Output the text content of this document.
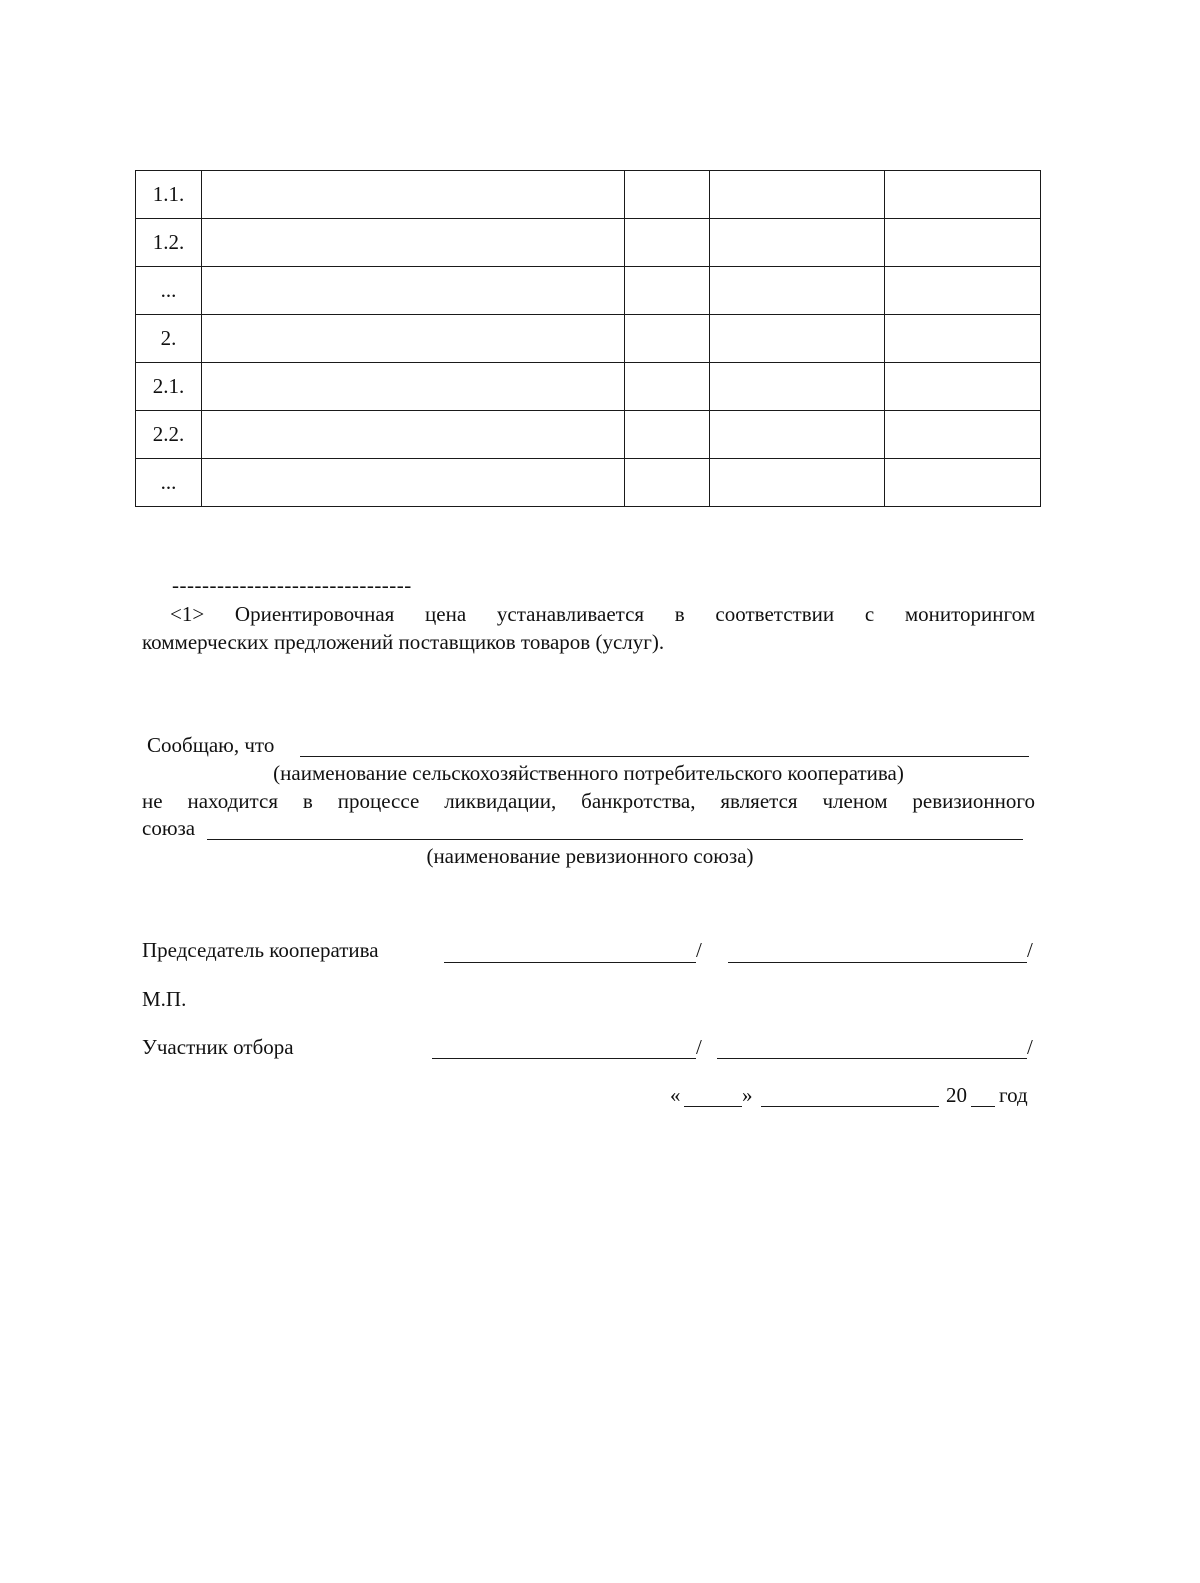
1.1.				
1.2.				
...				
2.				
2.1.				
2.2.				
...				
--------------------------------
<1> Ориентировочная цена устанавливается в соответствии с мониторингом
коммерческих предложений поставщиков товаров (услуг).
Сообщаю, что
(наименование сельскохозяйственного потребительского кооператива)
не находится в процессе ликвидации, банкротства, является членом ревизионного
союза
(наименование ревизионного союза)
Председатель кооператива	/	/
М.П.
Участник отбора	/	/
«	»	20 год
